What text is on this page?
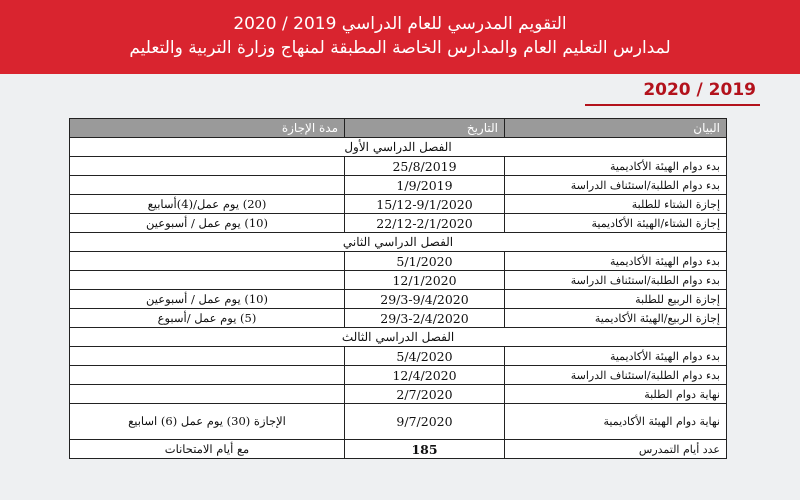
التقويم المدرسي للعام الدراسي 2019 / 2020
لمدارس التعليم العام والمدارس الخاصة المطبقة لمنهاج وزارة التربية والتعليم
2020 / 2019
البيان	التاريخ	مدة الإجازة
الفصل الدراسي الأول		
بدء دوام الهيئة الأكاديمية	25/8/2019	
بدء دوام الطلبة/استئناف الدراسة	1/9/2019	
إجازة الشتاء للطلبة	15/12-9/1/2020	(20) يوم عمل/(4)أسابيع
إجازة الشتاء/الهيئة الأكاديمية	22/12-2/1/2020	(10) يوم عمل / أسبوعين
الفصل الدراسي الثاني		
بدء دوام الهيئة الأكاديمية	5/1/2020	
بدء دوام الطلبة/استئناف الدراسة	12/1/2020	
إجازة الربيع للطلبة	29/3-9/4/2020	(10) يوم عمل / أسبوعين
إجازة الربيع/الهيئة الأكاديمية	29/3-2/4/2020	(5) يوم عمل /أسبوع
الفصل الدراسي الثالث		
بدء دوام الهيئة الأكاديمية	5/4/2020	
بدء دوام الطلبة/استئناف الدراسة	12/4/2020	
نهاية دوام الطلبة	2/7/2020	
نهاية دوام الهيئة الأكاديمية	9/7/2020	الإجازة (30) يوم عمل (6) اسابيع
عدد أيام التمدرس	185	مع أيام الامتحانات
